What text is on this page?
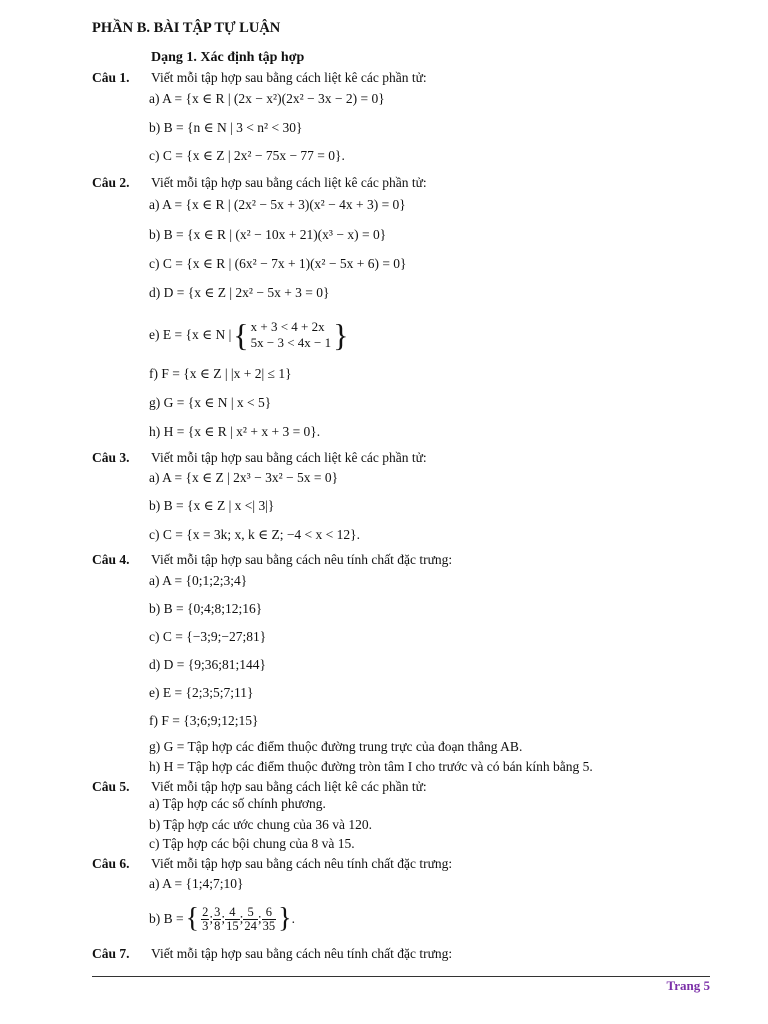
PHẦN B. BÀI TẬP TỰ LUẬN
Dạng 1. Xác định tập hợp
Câu 1. Viết mỗi tập hợp sau bằng cách liệt kê các phần tử:
a) A = {x ∈ R | (2x − x²)(2x² − 3x − 2) = 0}
b) B = {n ∈ N | 3 < n² < 30}
c) C = {x ∈ Z | 2x² − 75x − 77 = 0}.
Câu 2. Viết mỗi tập hợp sau bằng cách liệt kê các phần tử:
a) A = {x ∈ R | (2x² − 5x + 3)(x² − 4x + 3) = 0}
b) B = {x ∈ R | (x² − 10x + 21)(x³ − x) = 0}
c) C = {x ∈ R | (6x² − 7x + 1)(x² − 5x + 6) = 0}
d) D = {x ∈ Z | 2x² − 5x + 3 = 0}
e) E = {x ∈ N | { x + 3 < 4 + 2x
5x − 3 < 4x − 1 }
f) F = {x ∈ Z | |x + 2| ≤ 1}
g) G = {x ∈ N | x < 5}
h) H = {x ∈ R | x² + x + 3 = 0}.
Câu 3. Viết mỗi tập hợp sau bằng cách liệt kê các phần tử:
a) A = {x ∈ Z | 2x³ − 3x² − 5x = 0}
b) B = {x ∈ Z | x <| 3|}
c) C = {x = 3k; x, k ∈ Z; −4 < x < 12}.
Câu 4. Viết mỗi tập hợp sau bằng cách nêu tính chất đặc trưng:
a) A = {0;1;2;3;4}
b) B = {0;4;8;12;16}
c) C = {−3;9;−27;81}
d) D = {9;36;81;144}
e) E = {2;3;5;7;11}
f) F = {3;6;9;12;15}
g) G = Tập hợp các điểm thuộc đường trung trực của đoạn thẳng AB.
h) H = Tập hợp các điểm thuộc đường tròn tâm I cho trước và có bán kính bằng 5.
Câu 5. Viết mỗi tập hợp sau bằng cách liệt kê các phần tử:
a) Tập hợp các số chính phương.
b) Tập hợp các ước chung của 36 và 120.
c) Tập hợp các bội chung của 8 và 15.
Câu 6. Viết mỗi tập hợp sau bằng cách nêu tính chất đặc trưng:
a) A = {1;4;7;10}
b) B = { $\frac{2}{3}$ ; $\frac{3}{8}$ ; $\frac{4}{15}$ ; $\frac{5}{24}$ ; $\frac{6}{35}$ } .
Câu 7. Viết mỗi tập hợp sau bằng cách nêu tính chất đặc trưng:
Trang 5
